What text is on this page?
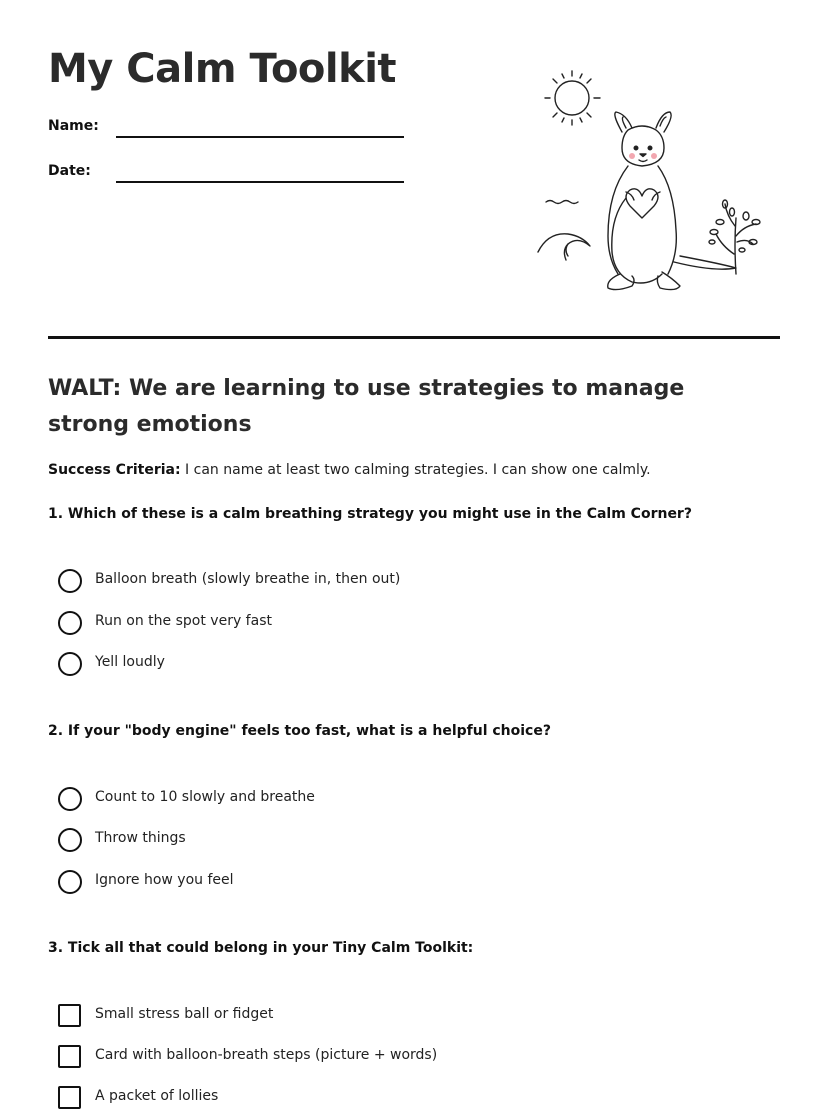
My Calm Toolkit
Name:
Date:
WALT: We are learning to use strategies to manage strong emotions

Success Criteria: I can name at least two calming strategies. I can show one calmly.

1. Which of these is a calm breathing strategy you might use in the Calm Corner?

Balloon breath (slowly breathe in, then out)
Run on the spot very fast
Yell loudly

2. If your "body engine" feels too fast, what is a helpful choice?

Count to 10 slowly and breathe
Throw things
Ignore how you feel

3. Tick all that could belong in your Tiny Calm Toolkit:

Small stress ball or fidget
Card with balloon-breath steps (picture + words)
A packet of lollies
